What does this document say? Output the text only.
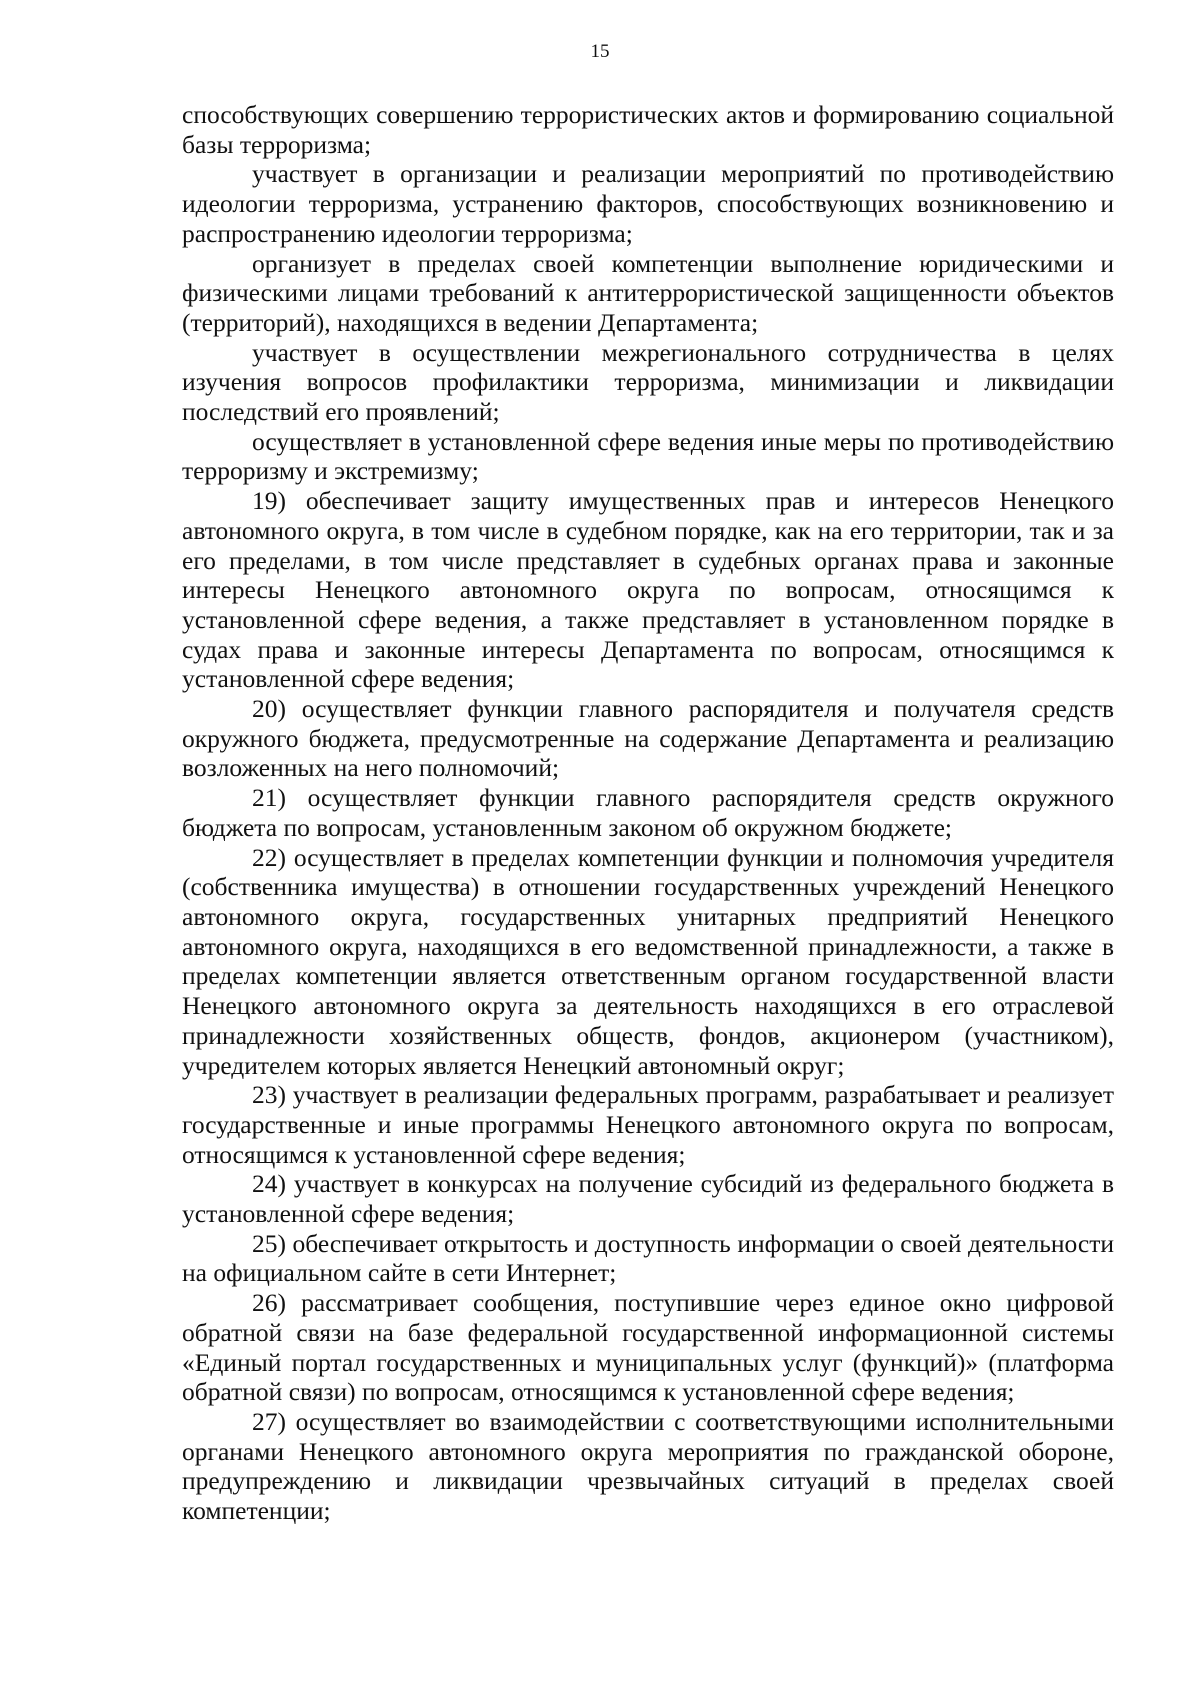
15

способствующих совершению террористических актов и формированию социальной базы терроризма;

участвует в организации и реализации мероприятий по противодействию идеологии терроризма, устранению факторов, способствующих возникновению и распространению идеологии терроризма;

организует в пределах своей компетенции выполнение юридическими и физическими лицами требований к антитеррористической защищенности объектов (территорий), находящихся в ведении Департамента;

участвует в осуществлении межрегионального сотрудничества в целях изучения вопросов профилактики терроризма, минимизации и ликвидации последствий его проявлений;

осуществляет в установленной сфере ведения иные меры по противодействию терроризму и экстремизму;

19) обеспечивает защиту имущественных прав и интересов Ненецкого автономного округа, в том числе в судебном порядке, как на его территории, так и за его пределами, в том числе представляет в судебных органах права и законные интересы Ненецкого автономного округа по вопросам, относящимся к установленной сфере ведения, а также представляет в установленном порядке в судах права и законные интересы Департамента по вопросам, относящимся к установленной сфере ведения;

20) осуществляет функции главного распорядителя и получателя средств окружного бюджета, предусмотренные на содержание Департамента и реализацию возложенных на него полномочий;

21) осуществляет функции главного распорядителя средств окружного бюджета по вопросам, установленным законом об окружном бюджете;

22) осуществляет в пределах компетенции функции и полномочия учредителя (собственника имущества) в отношении государственных учреждений Ненецкого автономного округа, государственных унитарных предприятий Ненецкого автономного округа, находящихся в его ведомственной принадлежности, а также в пределах компетенции является ответственным органом государственной власти Ненецкого автономного округа за деятельность находящихся в его отраслевой принадлежности хозяйственных обществ, фондов, акционером (участником), учредителем которых является Ненецкий автономный округ;

23) участвует в реализации федеральных программ, разрабатывает и реализует государственные и иные программы Ненецкого автономного округа по вопросам, относящимся к установленной сфере ведения;

24) участвует в конкурсах на получение субсидий из федерального бюджета в установленной сфере ведения;

25) обеспечивает открытость и доступность информации о своей деятельности на официальном сайте в сети Интернет;

26) рассматривает сообщения, поступившие через единое окно цифровой обратной связи на базе федеральной государственной информационной системы «Единый портал государственных и муниципальных услуг (функций)» (платформа обратной связи) по вопросам, относящимся к установленной сфере ведения;

27) осуществляет во взаимодействии с соответствующими исполнительными органами Ненецкого автономного округа мероприятия по гражданской обороне, предупреждению и ликвидации чрезвычайных ситуаций в пределах своей компетенции;
